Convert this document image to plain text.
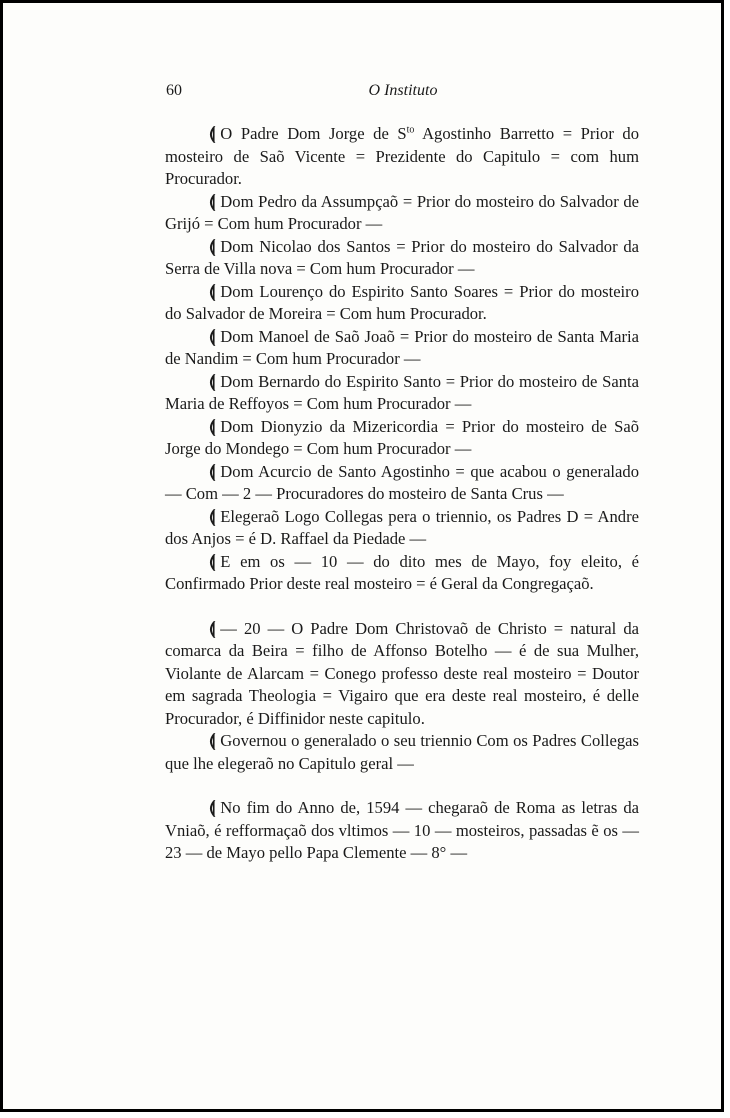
60	O Instituto

⟬ O Padre Dom Jorge de $S^{to}$ Agostinho Barretto = Prior do mosteiro de Saõ Vicente = Prezidente do Capitulo = com hum Procurador.

⟬ Dom Pedro da Assumpçaõ = Prior do mosteiro do Salvador de Grijó = Com hum Procurador —

⟬ Dom Nicolao dos Santos = Prior do mosteiro do Salvador da Serra de Villa nova = Com hum Procurador —

⟬ Dom Lourenço do Espirito Santo Soares = Prior do mosteiro do Salvador de Moreira = Com hum Procurador.

⟬ Dom Manoel de Saõ Joaõ = Prior do mosteiro de Santa Maria de Nandim = Com hum Procurador —

⟬ Dom Bernardo do Espirito Santo = Prior do mosteiro de Santa Maria de Reffoyos = Com hum Procurador —

⟬ Dom Dionyzio da Mizericordia = Prior do mosteiro de Saõ Jorge do Mondego = Com hum Procurador —

⟬ Dom Acurcio de Santo Agostinho = que acabou o generalado — Com — 2 — Procuradores do mosteiro de Santa Crus —

⟬ Elegeraõ Logo Collegas pera o triennio, os Padres D = Andre dos Anjos = é D. Raffael da Piedade —

⟬ E em os — 10 — do dito mes de Mayo, foy eleito, é Confirmado Prior deste real mosteiro = é Geral da Congregaçaõ.

⟬ — 20 — O Padre Dom Christovaõ de Christo = natural da comarca da Beira = filho de Affonso Botelho — é de sua Mulher, Violante de Alarcam = Conego professo deste real mosteiro = Doutor em sagrada Theologia = Vigairo que era deste real mosteiro, é delle Procurador, é Diffinidor neste capitulo.

⟬ Governou o generalado o seu triennio Com os Padres Collegas que lhe elegeraõ no Capitulo geral —

⟬ No fim do Anno de, 1594 — chegaraõ de Roma as letras da Vniaõ, é refformaçaõ dos vltimos — 10 — mosteiros, passadas ẽ os — 23 — de Mayo pello Papa Clemente — 8° —
